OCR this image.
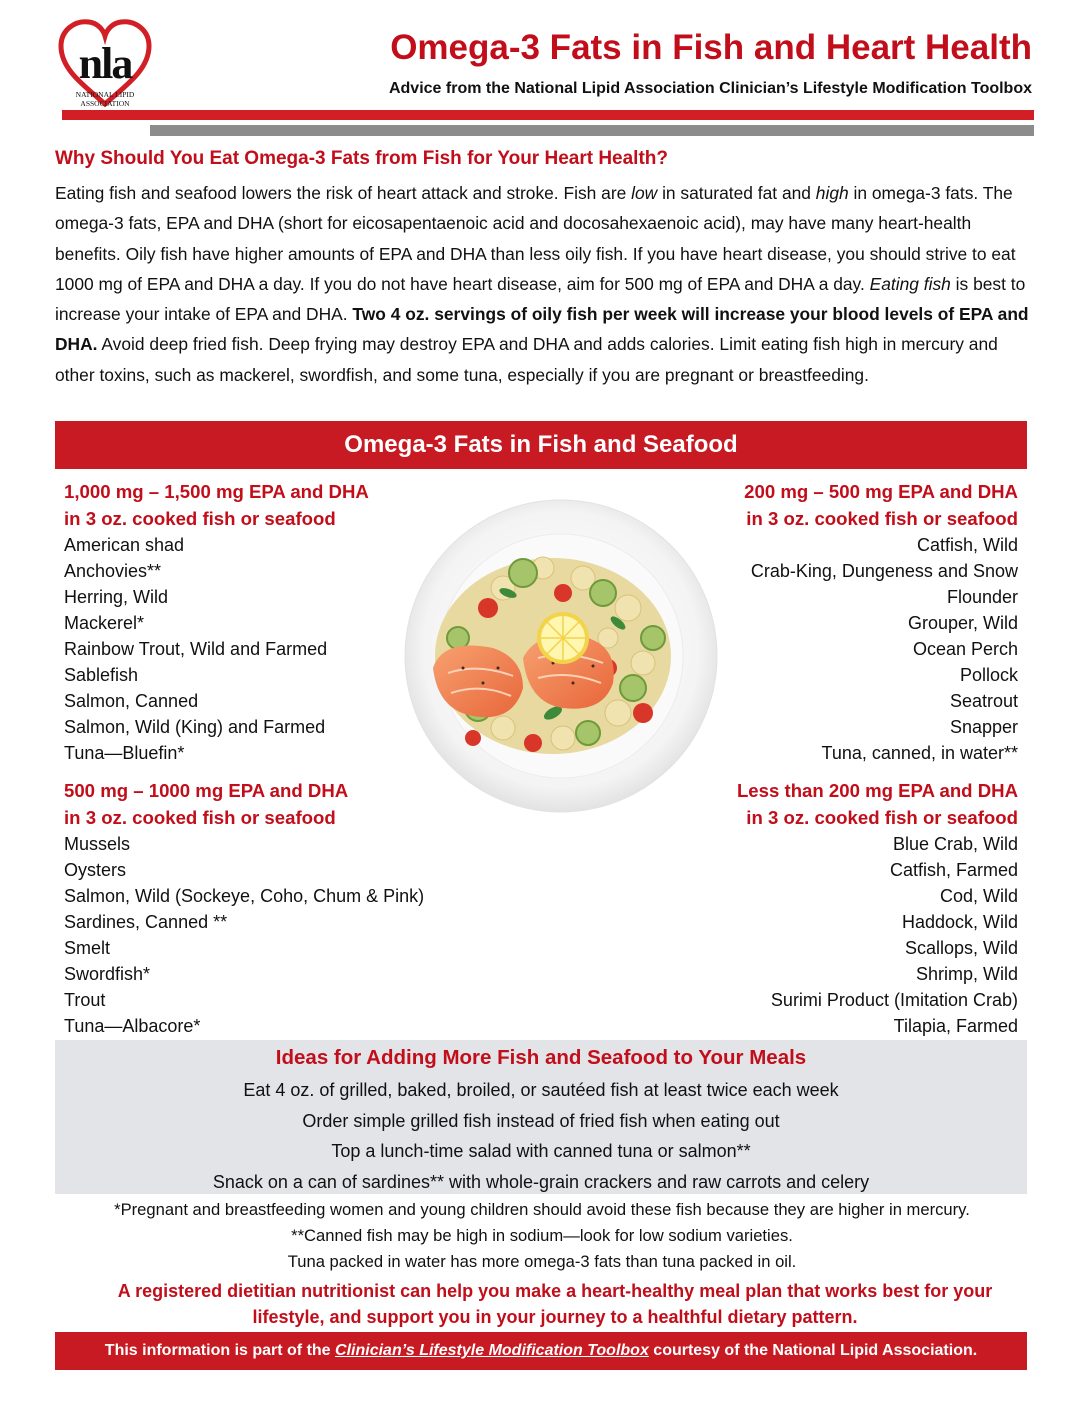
nla
NATIONAL LIPID
ASSOCIATION
Omega-3 Fats in Fish and Heart Health
Advice from the National Lipid Association Clinician’s Lifestyle Modification Toolbox
Why Should You Eat Omega-3 Fats from Fish for Your Heart Health?

Eating fish and seafood lowers the risk of heart attack and stroke. Fish are low in saturated fat and high in omega-3 fats. The omega-3 fats, EPA and DHA (short for eicosapentaenoic acid and docosahexaenoic acid), may have many heart-health benefits. Oily fish have higher amounts of EPA and DHA than less oily fish. If you have heart disease, you should strive to eat 1000 mg of EPA and DHA a day. If you do not have heart disease, aim for 500 mg of EPA and DHA a day. Eating fish is best to increase your intake of EPA and DHA. Two 4 oz. servings of oily fish per week will increase your blood levels of EPA and DHA. Avoid deep fried fish. Deep frying may destroy EPA and DHA and adds calories. Limit eating fish high in mercury and other toxins, such as mackerel, swordfish, and some tuna, especially if you are pregnant or breastfeeding.

Omega-3 Fats in Fish and Seafood
1,000 mg – 1,500 mg EPA and DHA
in 3 oz. cooked fish or seafood
American shad
Anchovies**
Herring, Wild
Mackerel*
Rainbow Trout, Wild and Farmed
Sablefish
Salmon, Canned
Salmon, Wild (King) and Farmed
Tuna—Bluefin*
500 mg – 1000 mg EPA and DHA
in 3 oz. cooked fish or seafood
Mussels
Oysters
Salmon, Wild (Sockeye, Coho, Chum & Pink)
Sardines, Canned **
Smelt
Swordfish*
Trout
Tuna—Albacore*
200 mg – 500 mg EPA and DHA
in 3 oz. cooked fish or seafood
Catfish, Wild
Crab-King, Dungeness and Snow
Flounder
Grouper, Wild
Ocean Perch
Pollock
Seatrout
Snapper
Tuna, canned, in water**
Less than 200 mg EPA and DHA
in 3 oz. cooked fish or seafood
Blue Crab, Wild
Catfish, Farmed
Cod, Wild
Haddock, Wild
Scallops, Wild
Shrimp, Wild
Surimi Product (Imitation Crab)
Tilapia, Farmed
Ideas for Adding More Fish and Seafood to Your Meals
Eat 4 oz. of grilled, baked, broiled, or sautéed fish at least twice each week
Order simple grilled fish instead of fried fish when eating out
Top a lunch-time salad with canned tuna or salmon**
Snack on a can of sardines** with whole-grain crackers and raw carrots and celery
*Pregnant and breastfeeding women and young children should avoid these fish because they are higher in mercury.
**Canned fish may be high in sodium—look for low sodium varieties.
Tuna packed in water has more omega-3 fats than tuna packed in oil.
A registered dietitian nutritionist can help you make a heart-healthy meal plan that works best for your
lifestyle, and support you in your journey to a healthful dietary pattern.
This information is part of the Clinician’s Lifestyle Modification Toolbox courtesy of the National Lipid Association.
